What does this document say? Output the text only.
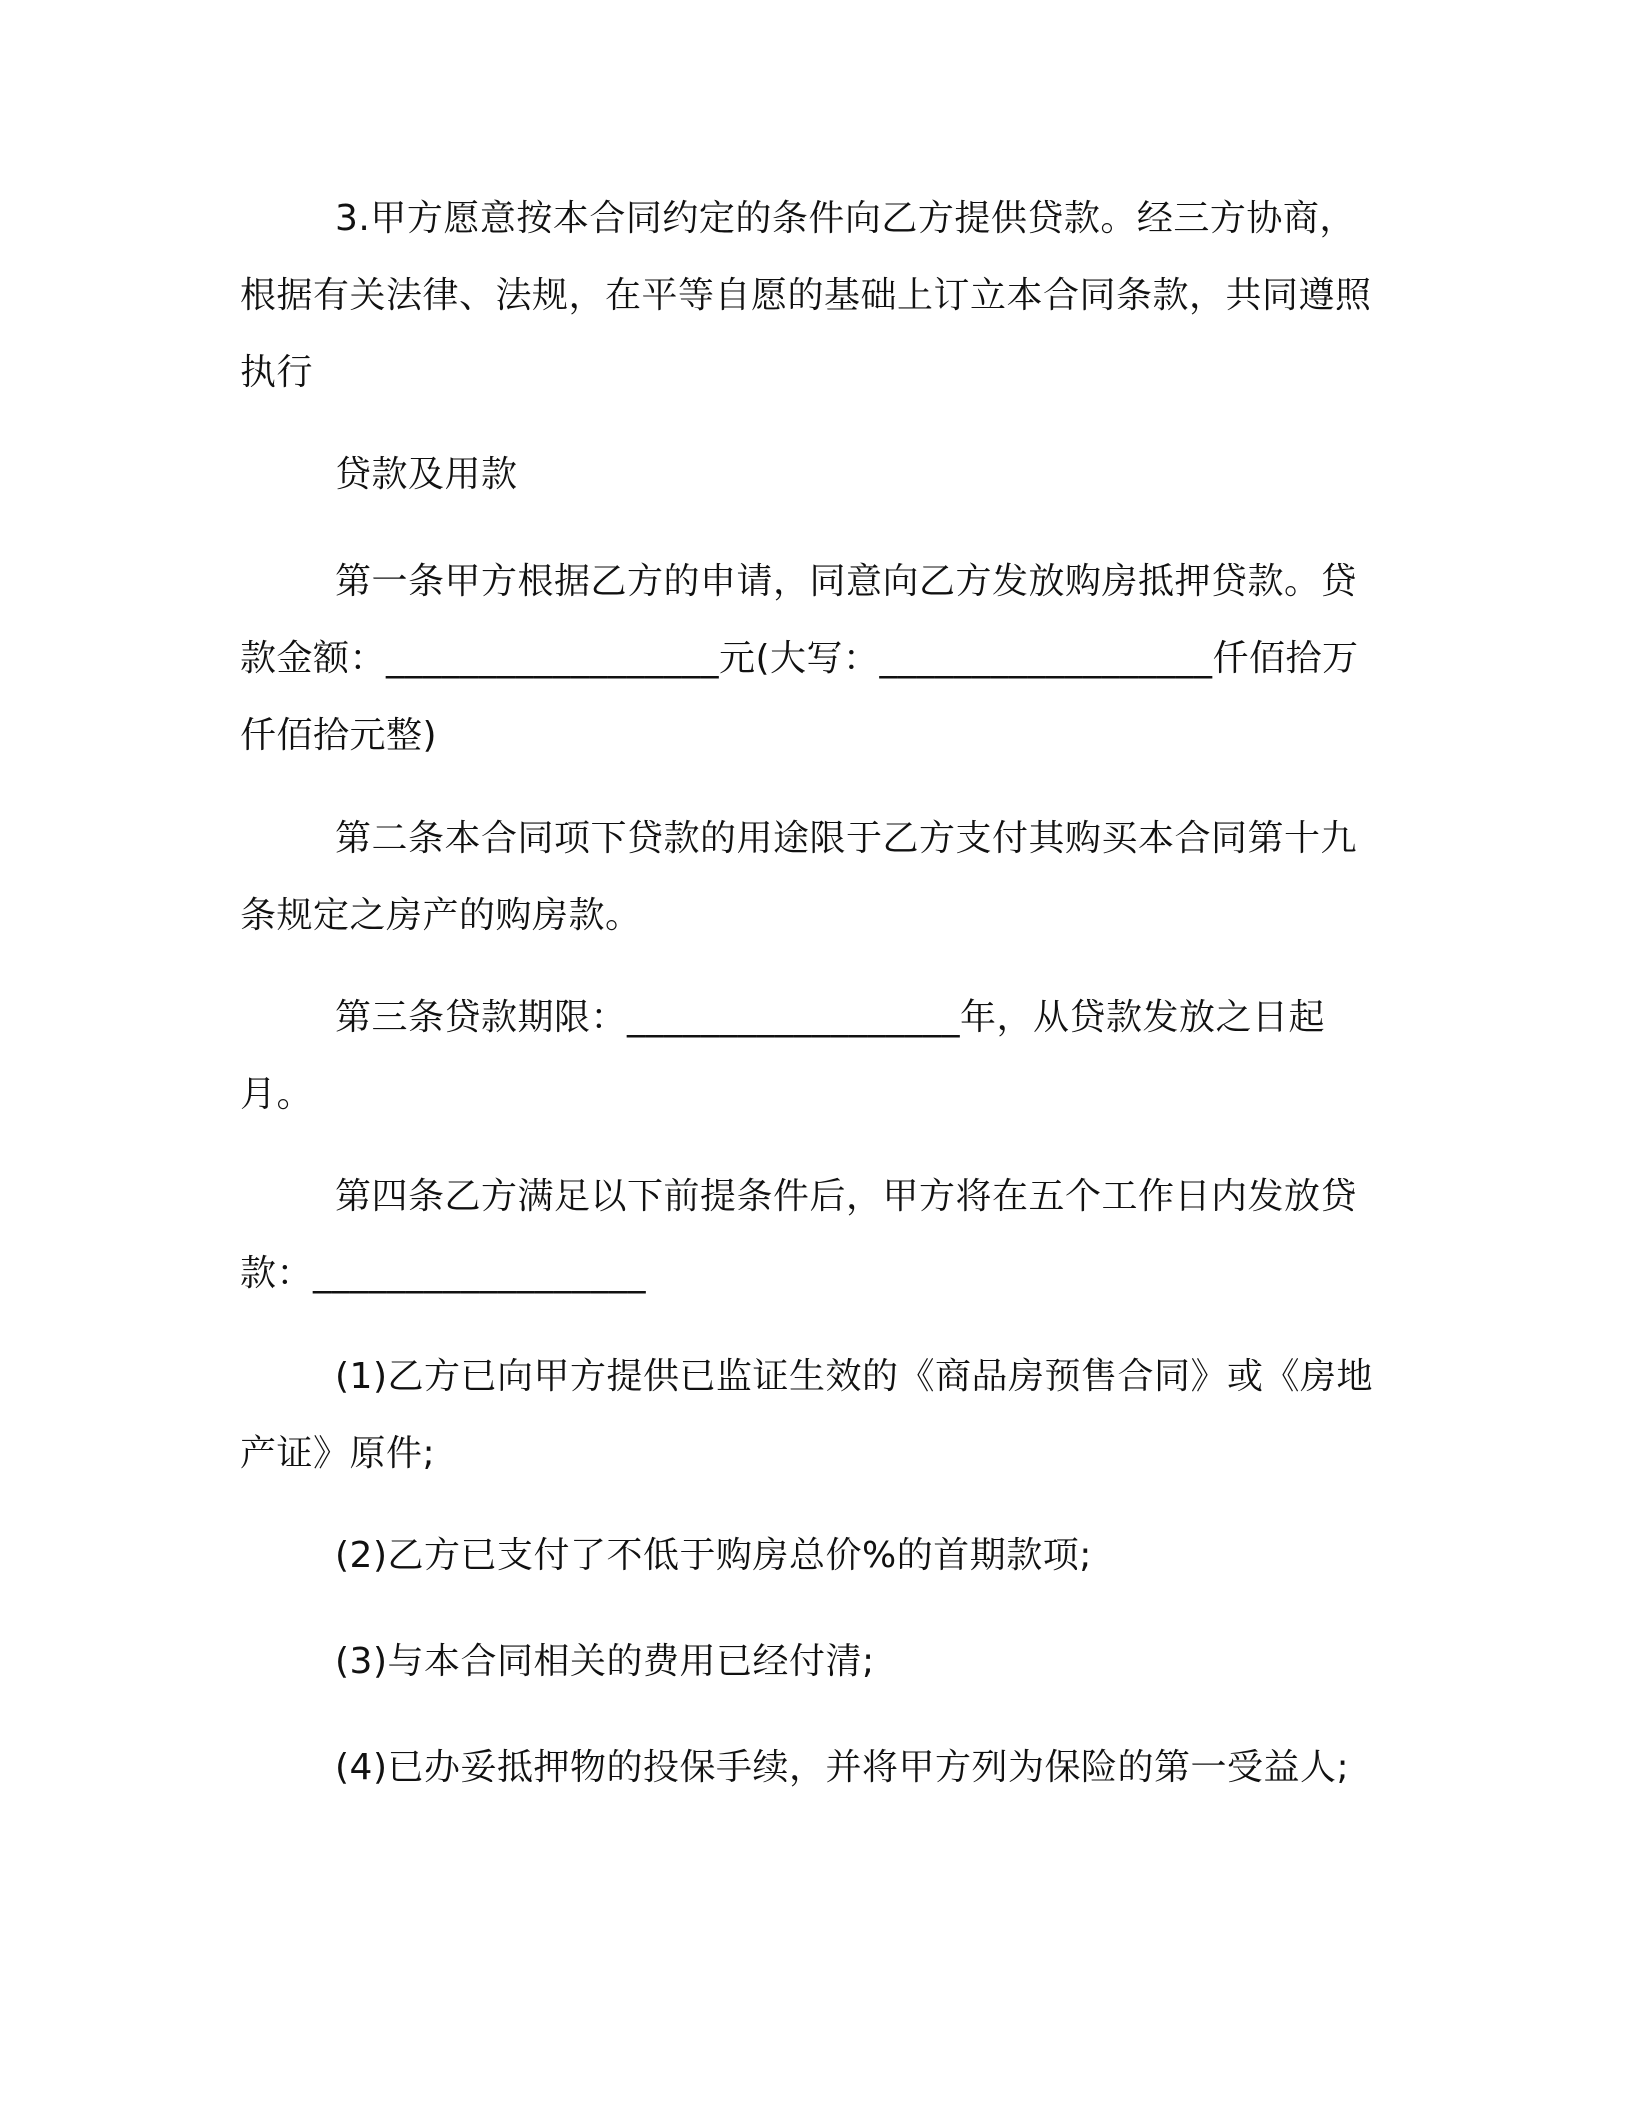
3.甲方愿意按本合同约定的条件向乙方提供贷款。经三方协商，根据有关法律、法规，在平等自愿的基础上订立本合同条款，共同遵照执行

贷款及用款

第一条甲方根据乙方的申请，同意向乙方发放购房抵押贷款。贷款金额：__________________元(大写：__________________仟佰拾万仟佰拾元整)

第二条本合同项下贷款的用途限于乙方支付其购买本合同第十九条规定之房产的购房款。

第三条贷款期限：__________________年，从贷款发放之日起月。

第四条乙方满足以下前提条件后，甲方将在五个工作日内发放贷款：__________________

(1)乙方已向甲方提供已监证生效的《商品房预售合同》或《房地产证》原件;

(2)乙方已支付了不低于购房总价%的首期款项;

(3)与本合同相关的费用已经付清;

(4)已办妥抵押物的投保手续，并将甲方列为保险的第一受益人;
